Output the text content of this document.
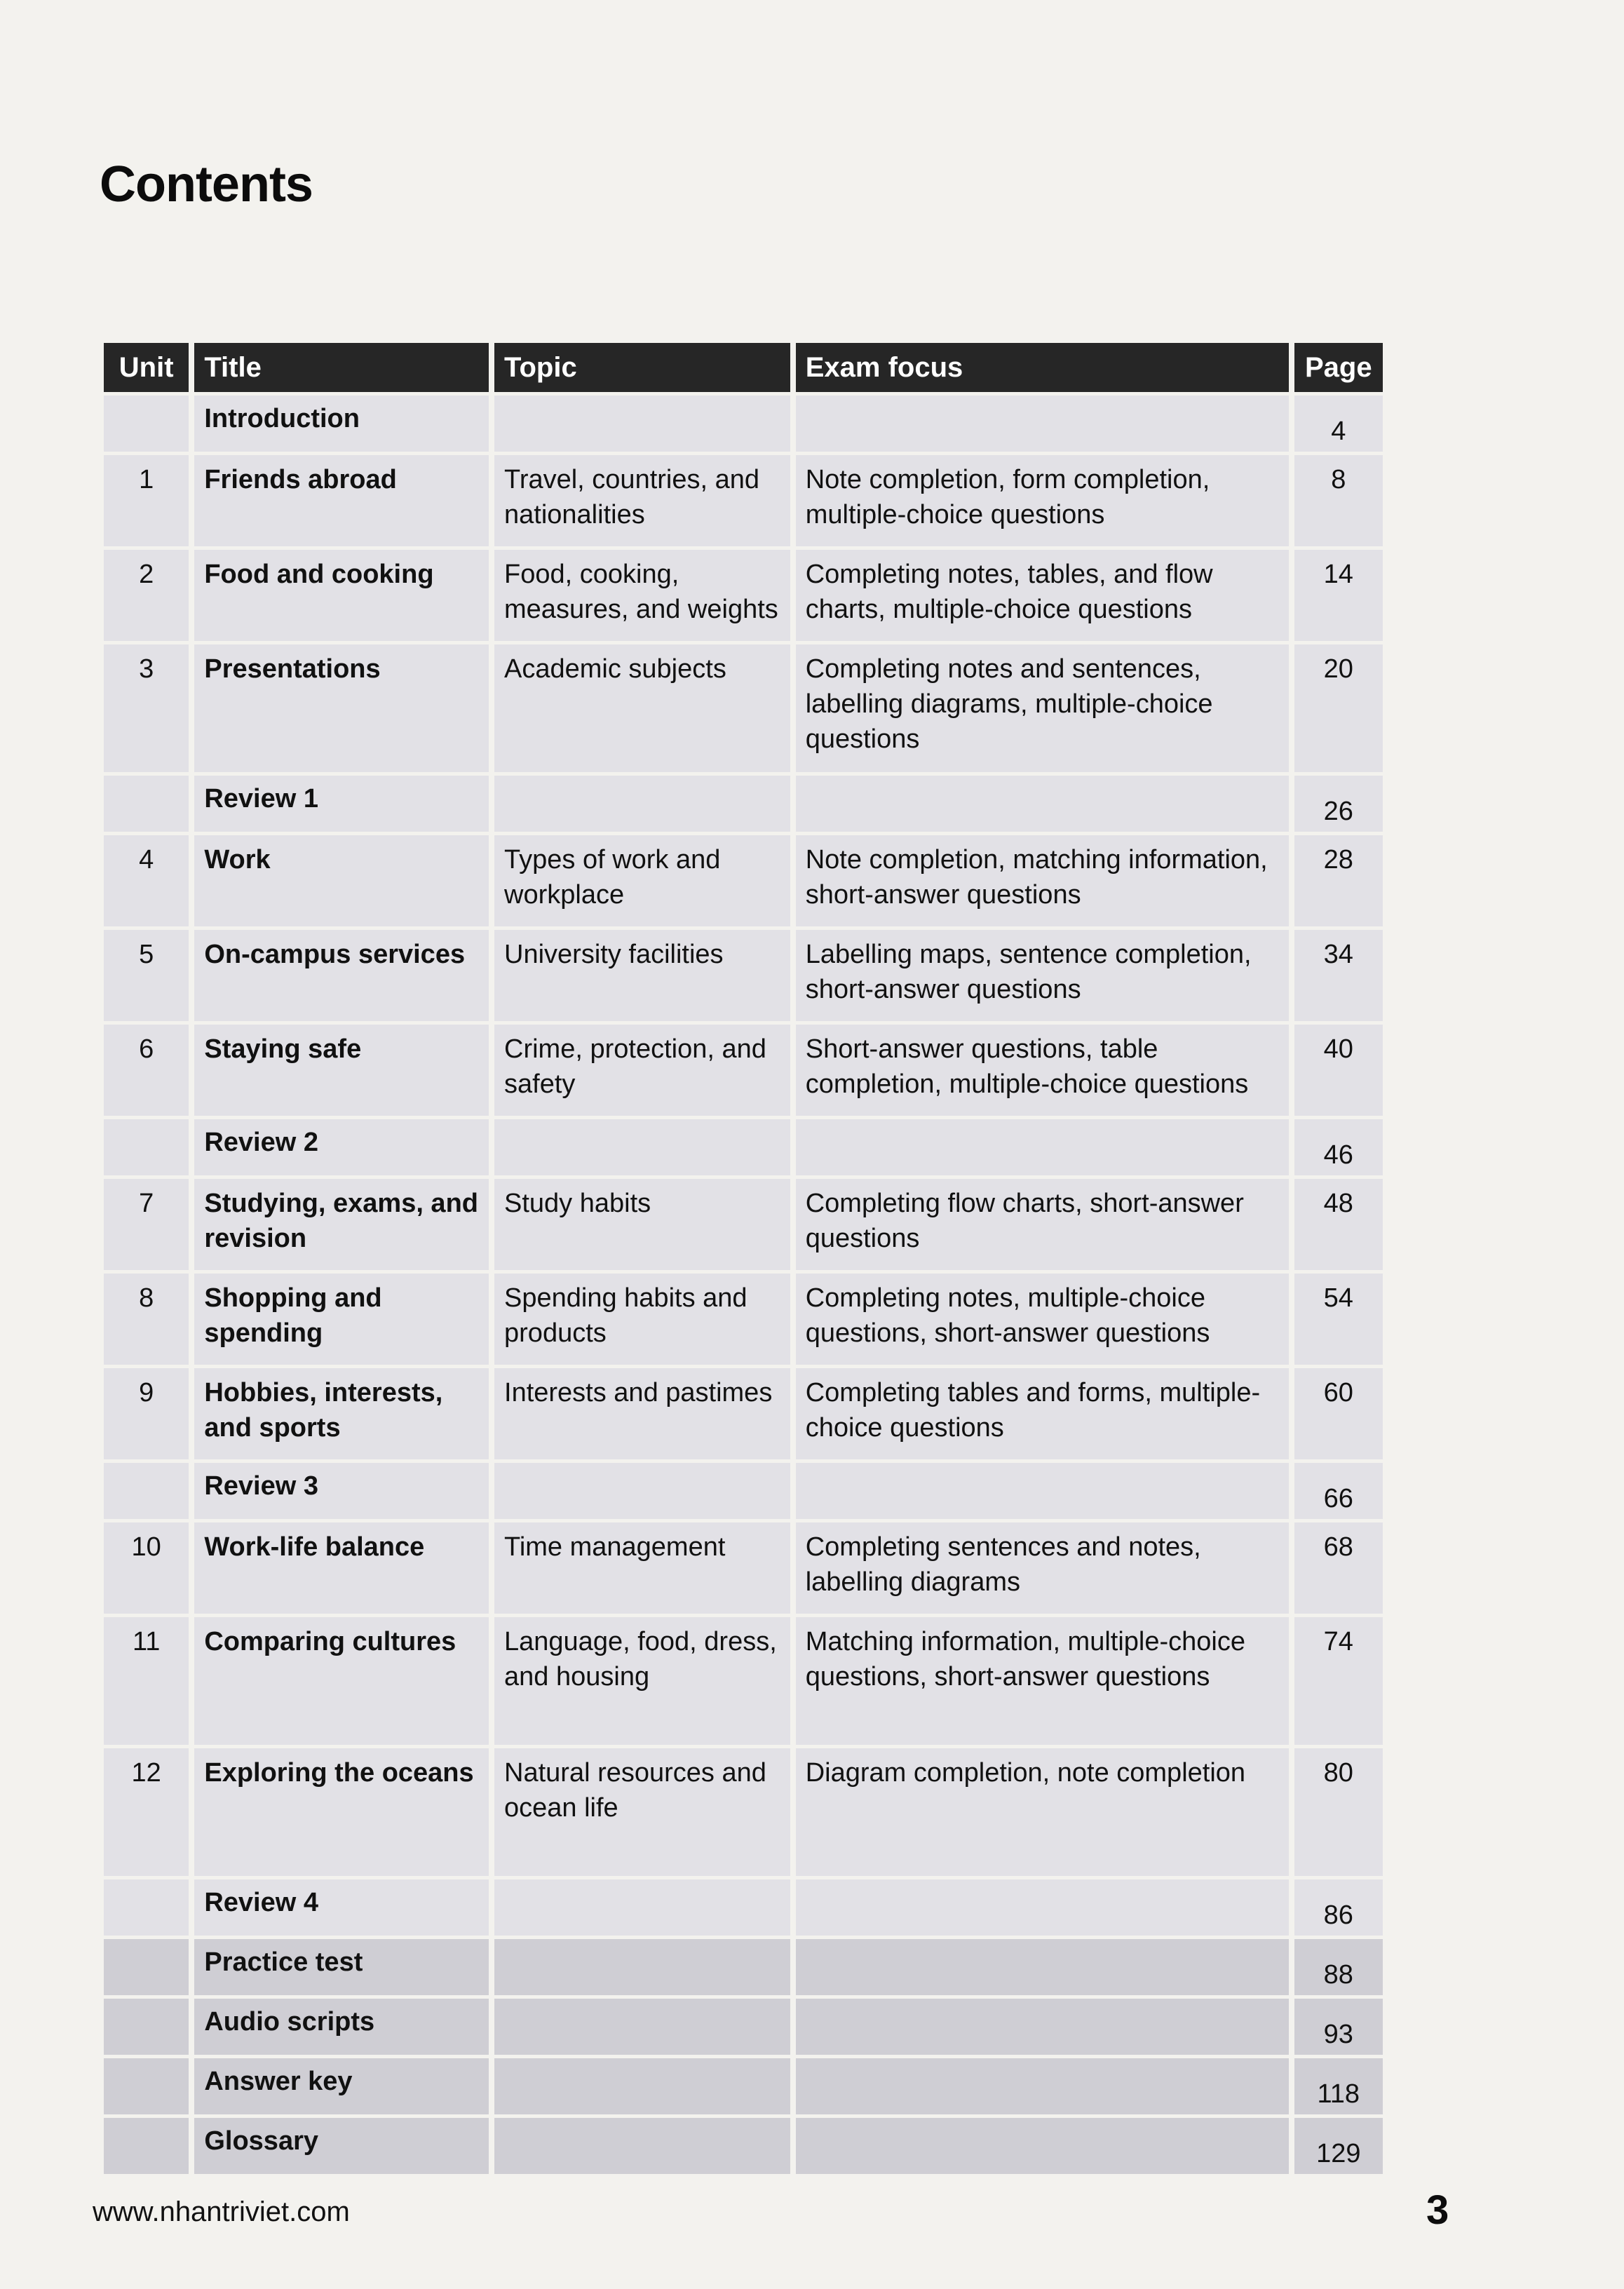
Contents
Unit	Title	Topic	Exam focus	Page
	Introduction			4
1	Friends abroad	Travel, countries, and nationalities	Note completion, form completion, multiple-choice questions	8
2	Food and cooking	Food, cooking, measures, and weights	Completing notes, tables, and flow charts, multiple-choice questions	14
3	Presentations	Academic subjects	Completing notes and sentences, labelling diagrams, multiple-choice questions	20
	Review 1			26
4	Work	Types of work and workplace	Note completion, matching information, short-answer questions	28
5	On-campus services	University facilities	Labelling maps, sentence completion, short-answer questions	34
6	Staying safe	Crime, protection, and safety	Short-answer questions, table completion, multiple-choice questions	40
	Review 2			46
7	Studying, exams, and revision	Study habits	Completing flow charts, short-answer questions	48
8	Shopping and spending	Spending habits and products	Completing notes, multiple-choice questions, short-answer questions	54
9	Hobbies, interests, and sports	Interests and pastimes	Completing tables and forms, multiple-choice questions	60
	Review 3			66
10	Work-life balance	Time management	Completing sentences and notes, labelling diagrams	68
11	Comparing cultures	Language, food, dress, and housing	Matching information, multiple-choice questions, short-answer questions	74
12	Exploring the oceans	Natural resources and ocean life	Diagram completion, note completion	80
	Review 4			86
	Practice test			88
	Audio scripts			93
	Answer key			118
	Glossary			129
www.nhantriviet.com	3
